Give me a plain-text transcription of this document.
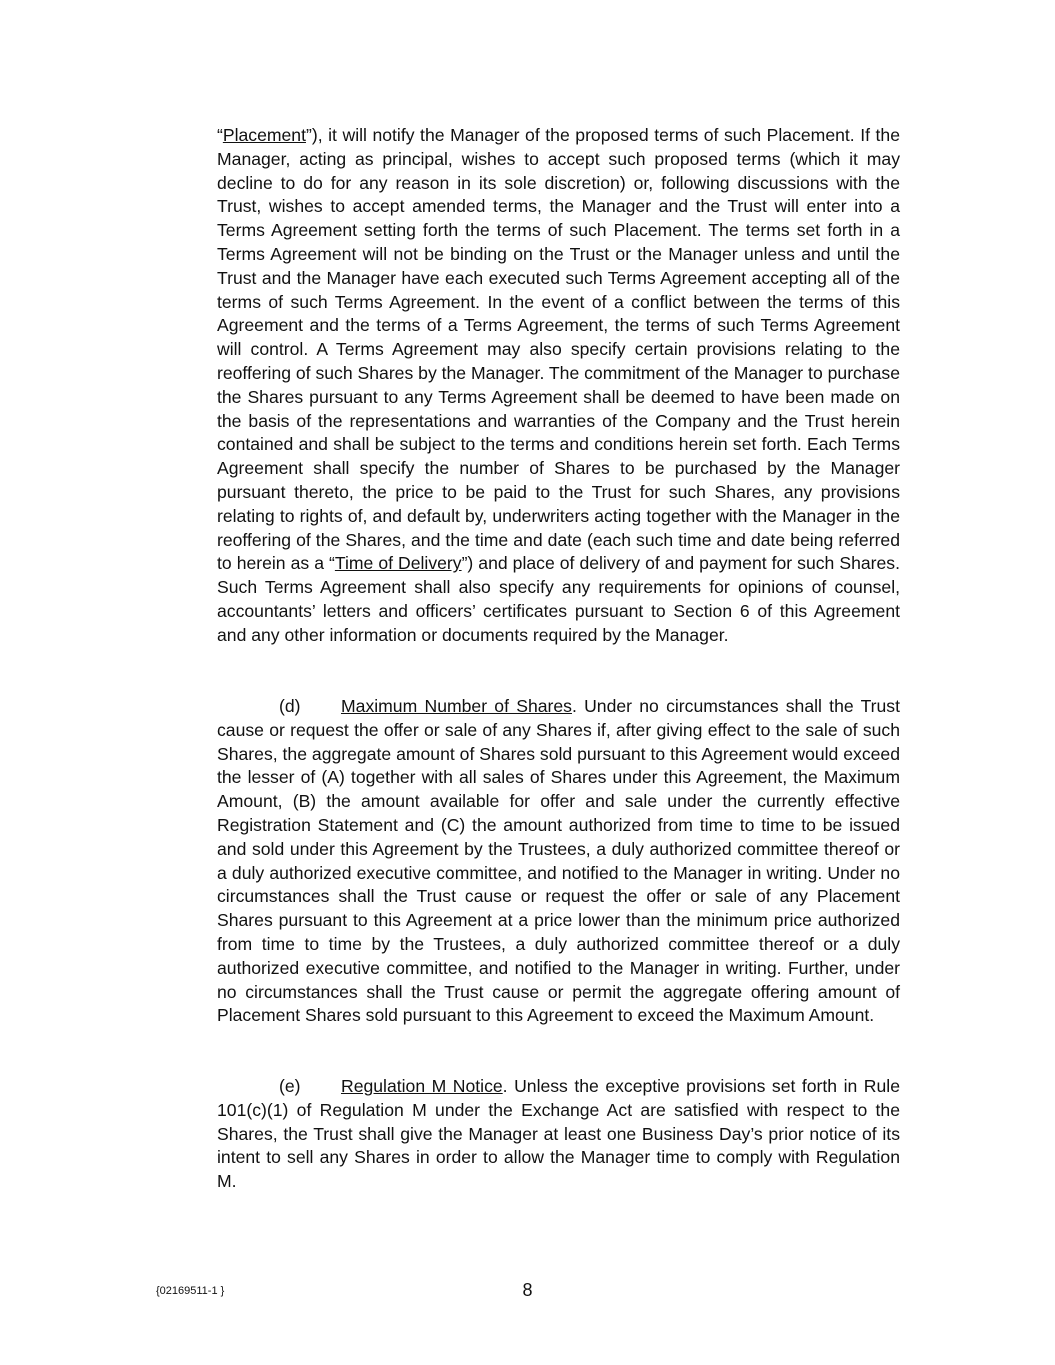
“Placement”), it will notify the Manager of the proposed terms of such Placement. If the Manager, acting as principal, wishes to accept such proposed terms (which it may decline to do for any reason in its sole discretion) or, following discussions with the Trust, wishes to accept amended terms, the Manager and the Trust will enter into a Terms Agreement setting forth the terms of such Placement. The terms set forth in a Terms Agreement will not be binding on the Trust or the Manager unless and until the Trust and the Manager have each executed such Terms Agreement accepting all of the terms of such Terms Agreement. In the event of a conflict between the terms of this Agreement and the terms of a Terms Agreement, the terms of such Terms Agreement will control. A Terms Agreement may also specify certain provisions relating to the reoffering of such Shares by the Manager. The commitment of the Manager to purchase the Shares pursuant to any Terms Agreement shall be deemed to have been made on the basis of the representations and warranties of the Company and the Trust herein contained and shall be subject to the terms and conditions herein set forth. Each Terms Agreement shall specify the number of Shares to be purchased by the Manager pursuant thereto, the price to be paid to the Trust for such Shares, any provisions relating to rights of, and default by, underwriters acting together with the Manager in the reoffering of the Shares, and the time and date (each such time and date being referred to herein as a “Time of Delivery”) and place of delivery of and payment for such Shares. Such Terms Agreement shall also specify any requirements for opinions of counsel, accountants’ letters and officers’ certificates pursuant to Section 6 of this Agreement and any other information or documents required by the Manager.

(d) Maximum Number of Shares. Under no circumstances shall the Trust cause or request the offer or sale of any Shares if, after giving effect to the sale of such Shares, the aggregate amount of Shares sold pursuant to this Agreement would exceed the lesser of (A) together with all sales of Shares under this Agreement, the Maximum Amount, (B) the amount available for offer and sale under the currently effective Registration Statement and (C) the amount authorized from time to time to be issued and sold under this Agreement by the Trustees, a duly authorized committee thereof or a duly authorized executive committee, and notified to the Manager in writing. Under no circumstances shall the Trust cause or request the offer or sale of any Placement Shares pursuant to this Agreement at a price lower than the minimum price authorized from time to time by the Trustees, a duly authorized committee thereof or a duly authorized executive committee, and notified to the Manager in writing. Further, under no circumstances shall the Trust cause or permit the aggregate offering amount of Placement Shares sold pursuant to this Agreement to exceed the Maximum Amount.

(e) Regulation M Notice. Unless the exceptive provisions set forth in Rule 101(c)(1) of Regulation M under the Exchange Act are satisfied with respect to the Shares, the Trust shall give the Manager at least one Business Day’s prior notice of its intent to sell any Shares in order to allow the Manager time to comply with Regulation M.

{02169511-1 }	8
